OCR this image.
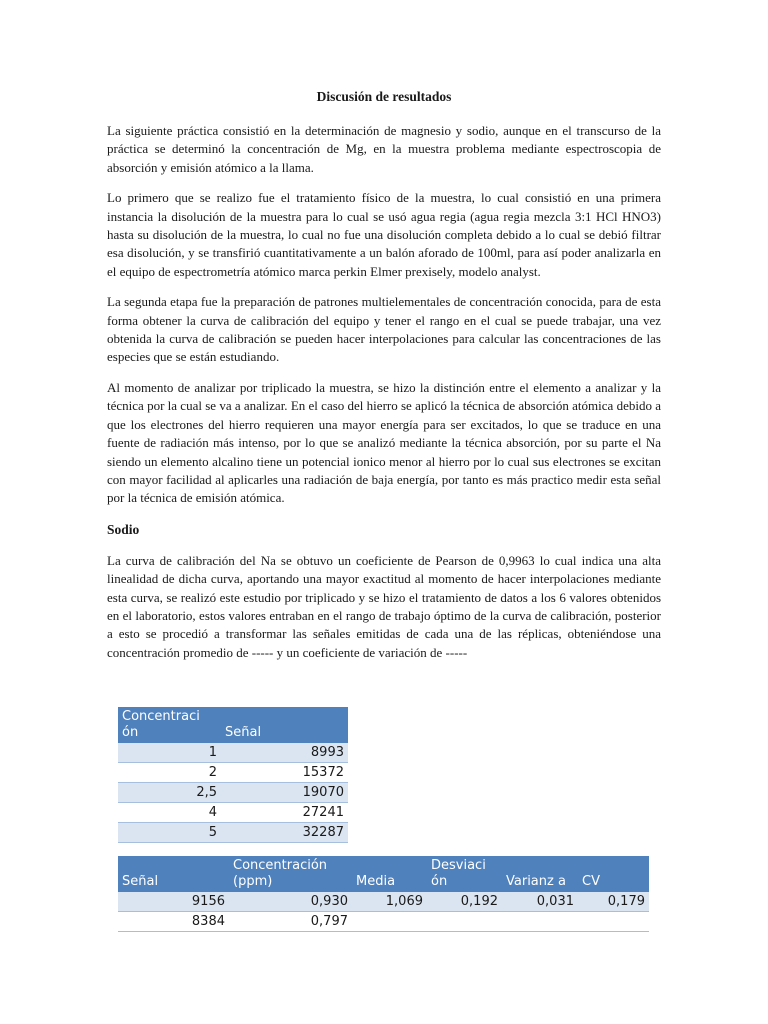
Discusión de resultados

La siguiente práctica consistió en la determinación de magnesio y sodio, aunque en el transcurso de la práctica se determinó la concentración de Mg, en la muestra problema mediante espectroscopia de absorción y emisión atómico a la llama.

Lo primero que se realizo fue el tratamiento físico de la muestra, lo cual consistió en una primera instancia la disolución de la muestra para lo cual se usó agua regia (agua regia mezcla 3:1 HCl HNO3) hasta su disolución de la muestra, lo cual no fue una disolución completa debido a lo cual se debió filtrar esa disolución, y se transfirió cuantitativamente a un balón aforado de 100ml, para así poder analizarla en el equipo de espectrometría atómico marca perkin Elmer prexisely, modelo analyst.

La segunda etapa fue la preparación de patrones multielementales de concentración conocida, para de esta forma obtener la curva de calibración del equipo y tener el rango en el cual se puede trabajar, una vez obtenida la curva de calibración se pueden hacer interpolaciones para calcular las concentraciones de las especies que se están estudiando.

Al momento de analizar por triplicado la muestra, se hizo la distinción entre el elemento a analizar y la técnica por la cual se va a analizar. En el caso del hierro se aplicó la técnica de absorción atómica debido a que los electrones del hierro requieren una mayor energía para ser excitados, lo que se traduce en una fuente de radiación más intenso, por lo que se analizó mediante la técnica absorción, por su parte el Na siendo un elemento alcalino tiene un potencial ionico menor al hierro por lo cual sus electrones se excitan con mayor facilidad al aplicarles una radiación de baja energía, por tanto es más practico medir esta señal por la técnica de emisión atómica.

Sodio

La curva de calibración del Na se obtuvo un coeficiente de Pearson de 0,9963 lo cual indica una alta linealidad de dicha curva, aportando una mayor exactitud al momento de hacer interpolaciones mediante esta curva, se realizó este estudio por triplicado y se hizo el tratamiento de datos a los 6 valores obtenidos en el laboratorio, estos valores entraban en el rango de trabajo óptimo de la curva de calibración, posterior a esto se procedió a transformar las señales emitidas de cada una de las réplicas, obteniéndose una concentración promedio de ----- y un coeficiente de variación de -----

Concentraci ón	Señal
1	8993
2	15372
2,5	19070
4	27241
5	32287
Señal	Concentración (ppm)	Media	Desviaci ón	Varianz a	CV
9156	0,930	1,069	0,192	0,031	0,179
8384	0,797				
